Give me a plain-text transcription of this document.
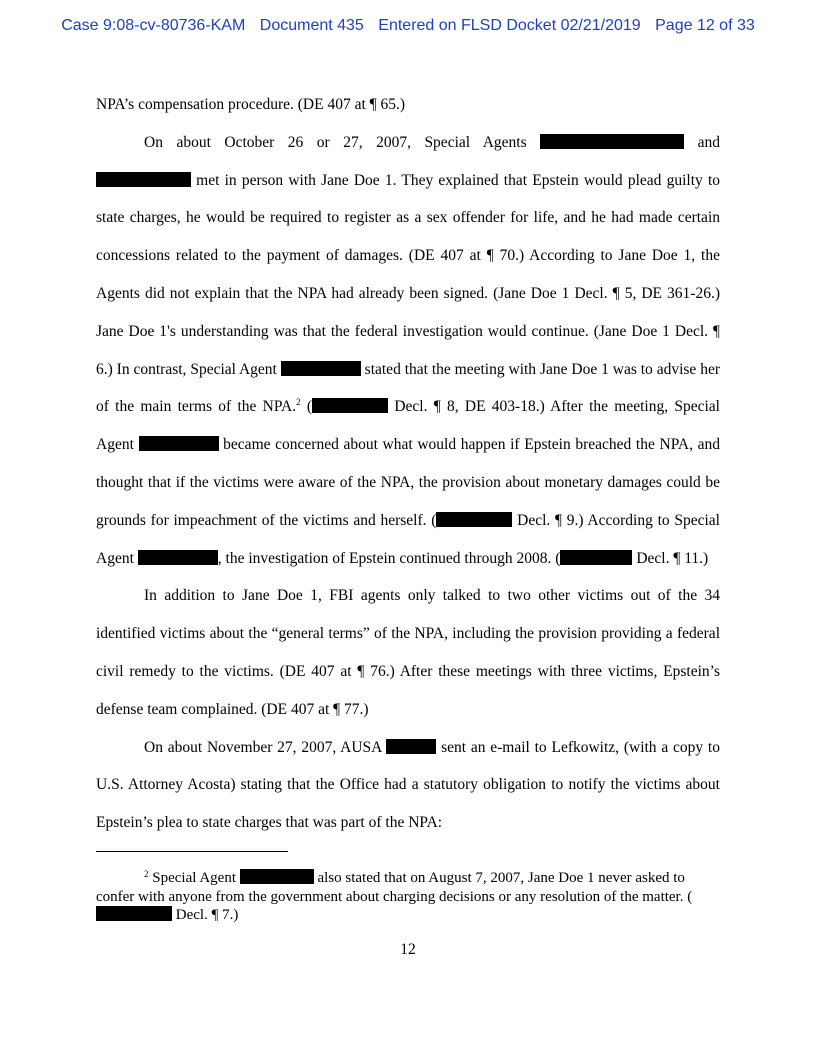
Case 9:08-cv-80736-KAM Document 435 Entered on FLSD Docket 02/21/2019 Page 12 of 33

NPA’s compensation procedure. (DE 407 at ¶ 65.)

On about October 26 or 27, 2007, Special Agents	and  met in person with Jane Doe 1. They explained that Epstein would plead guilty to state charges, he would be required to register as a sex offender for life, and he had made certain concessions related to the payment of damages. (DE 407 at ¶ 70.) According to Jane Doe 1, the Agents did not explain that the NPA had already been signed. (Jane Doe 1 Decl. ¶ 5, DE 361-26.) Jane Doe 1's understanding was that the federal investigation would continue. (Jane Doe 1 Decl. ¶ 6.) In contrast, Special Agent	stated that the meeting with Jane Doe 1 was to advise her of the main terms of the NPA.$^2$ (	Decl. ¶ 8, DE 403-18.) After the meeting, Special Agent	became concerned about what would happen if Epstein breached the NPA, and thought that if the victims were aware of the NPA, the provision about monetary damages could be grounds for impeachment of the victims and herself. (	Decl. ¶ 9.) According to Special Agent	, the investigation of Epstein continued through 2008. (	Decl. ¶ 11.)

In addition to Jane Doe 1, FBI agents only talked to two other victims out of the 34 identified victims about the “general terms” of the NPA, including the provision providing a federal civil remedy to the victims. (DE 407 at ¶ 76.) After these meetings with three victims, Epstein’s defense team complained. (DE 407 at ¶ 77.)

On about November 27, 2007, AUSA	sent an e-mail to Lefkowitz, (with a copy to U.S. Attorney Acosta) stating that the Office had a statutory obligation to notify the victims about Epstein’s plea to state charges that was part of the NPA:

$^2$ Special Agent	also stated that on August 7, 2007, Jane Doe 1 never asked to confer with anyone from the government about charging decisions or any resolution of the matter. ( Decl. ¶ 7.)

12
